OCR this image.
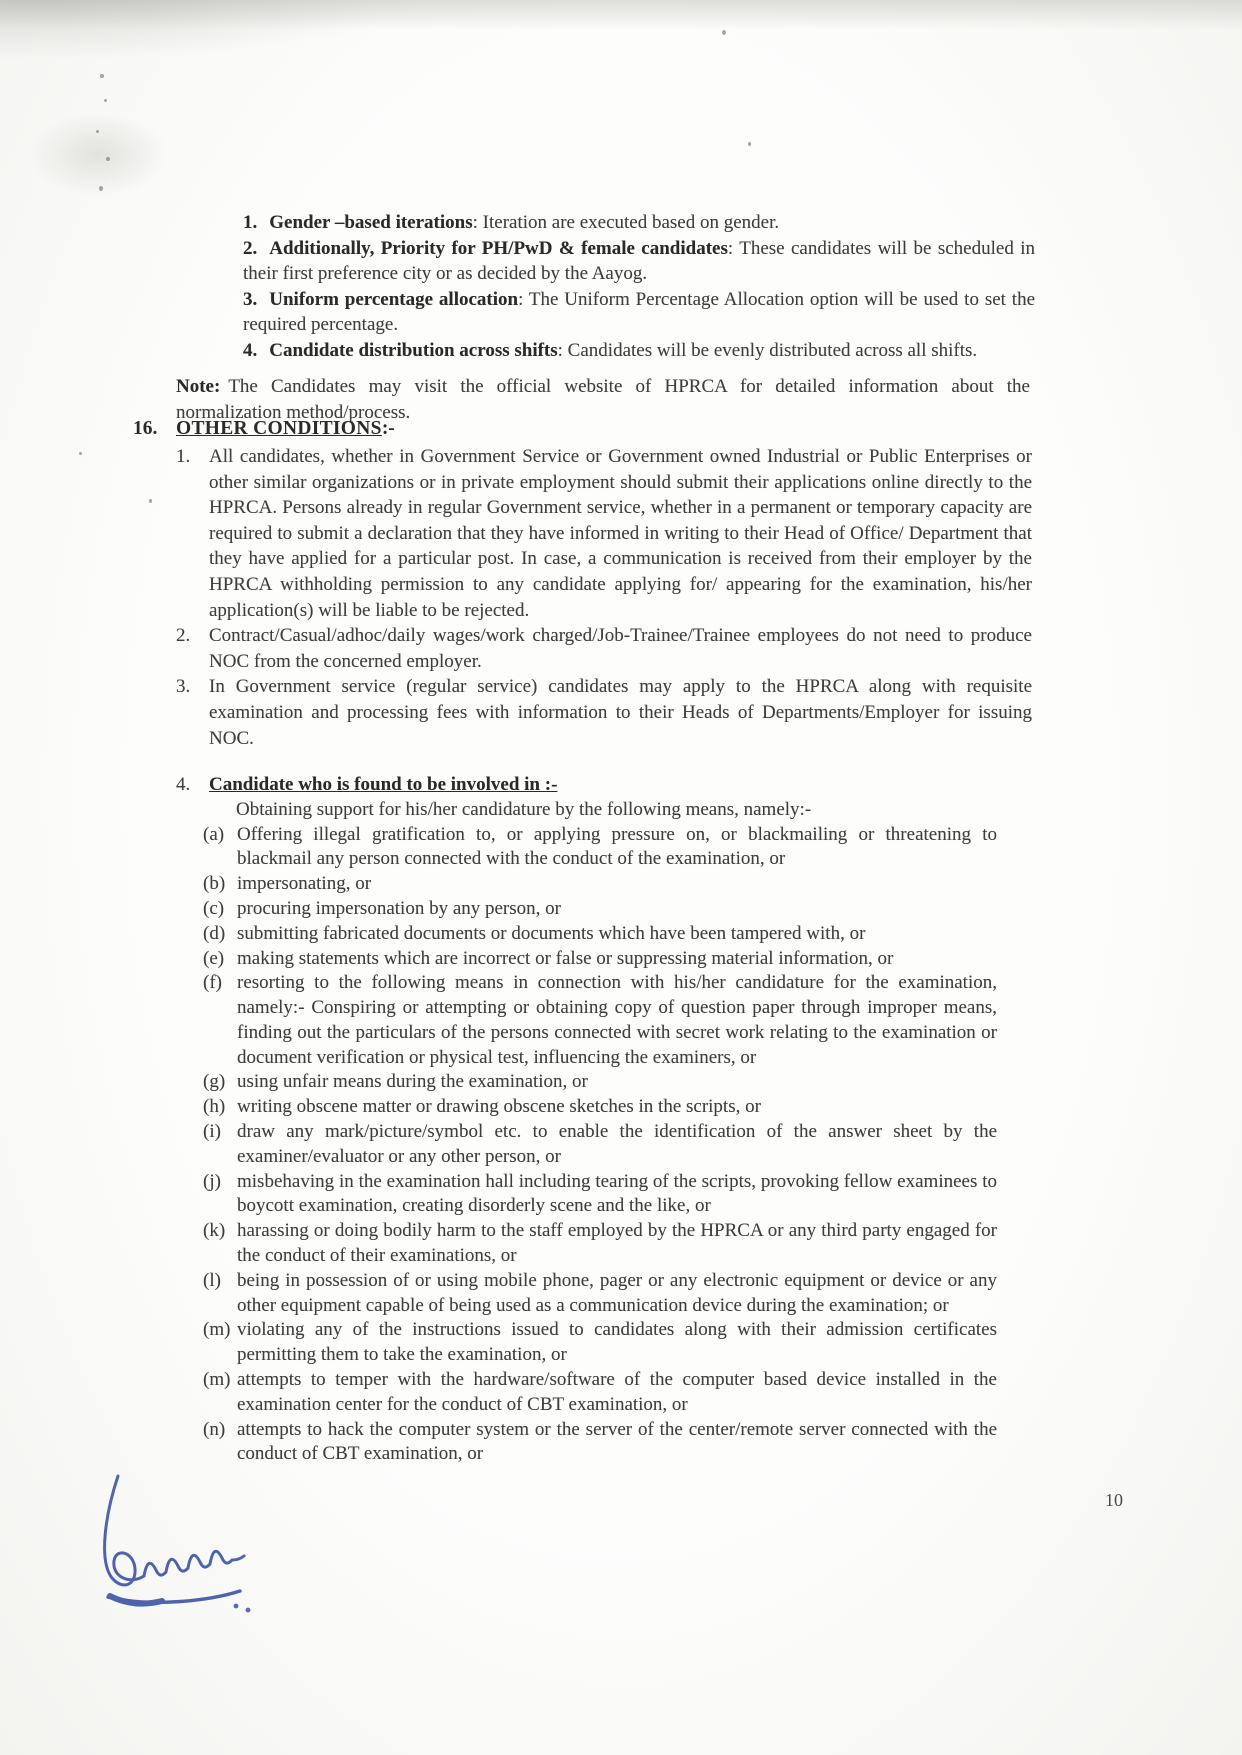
1. Gender –based iterations: Iteration are executed based on gender.

2. Additionally, Priority for PH/PwD & female candidates: These candidates will be scheduled in their first preference city or as decided by the Aayog.

3. Uniform percentage allocation: The Uniform Percentage Allocation option will be used to set the required percentage.

4. Candidate distribution across shifts: Candidates will be evenly distributed across all shifts.

Note: The Candidates may visit the official website of HPRCA for detailed information about the normalization method/process.

16. OTHER CONDITIONS :-
1. All candidates, whether in Government Service or Government owned Industrial or Public Enterprises or other similar organizations or in private employment should submit their applications online directly to the HPRCA. Persons already in regular Government service, whether in a permanent or temporary capacity are required to submit a declaration that they have informed in writing to their Head of Office/ Department that they have applied for a particular post. In case, a communication is received from their employer by the HPRCA withholding permission to any candidate applying for/ appearing for the examination, his/her application(s) will be liable to be rejected.

2. Contract/Casual/adhoc/daily wages/work charged/Job-Trainee/Trainee employees do not need to produce NOC from the concerned employer.

3. In Government service (regular service) candidates may apply to the HPRCA along with requisite examination and processing fees with information to their Heads of Departments/Employer for issuing NOC.

4. Candidate who is found to be involved in :-

Obtaining support for his/her candidature by the following means, namely:-

(a) Offering illegal gratification to, or applying pressure on, or blackmailing or threatening to blackmail any person connected with the conduct of the examination, or

(b) impersonating, or

(c) procuring impersonation by any person, or

(d) submitting fabricated documents or documents which have been tampered with, or

(e) making statements which are incorrect or false or suppressing material information, or

(f) resorting to the following means in connection with his/her candidature for the examination, namely:- Conspiring or attempting or obtaining copy of question paper through improper means, finding out the particulars of the persons connected with secret work relating to the examination or document verification or physical test, influencing the examiners, or

(g) using unfair means during the examination, or

(h) writing obscene matter or drawing obscene sketches in the scripts, or

(i) draw any mark/picture/symbol etc. to enable the identification of the answer sheet by the examiner/evaluator or any other person, or

(j) misbehaving in the examination hall including tearing of the scripts, provoking fellow examinees to boycott examination, creating disorderly scene and the like, or

(k) harassing or doing bodily harm to the staff employed by the HPRCA or any third party engaged for the conduct of their examinations, or

(l) being in possession of or using mobile phone, pager or any electronic equipment or device or any other equipment capable of being used as a communication device during the examination; or

(m) violating any of the instructions issued to candidates along with their admission certificates permitting them to take the examination, or

(m) attempts to temper with the hardware/software of the computer based device installed in the examination center for the conduct of CBT examination, or

(n) attempts to hack the computer system or the server of the center/remote server connected with the conduct of CBT examination, or

10
